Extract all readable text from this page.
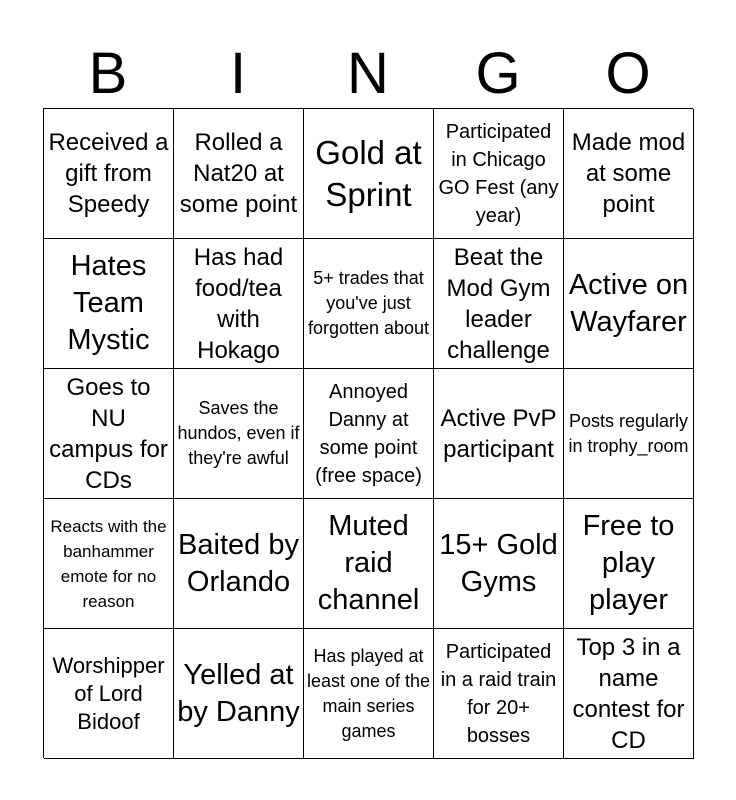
B	I	N	G	O
Received a gift from Speedy
Rolled a Nat20 at some point
Gold at Sprint
Participated in Chicago GO Fest (any year)
Made mod at some point
Hates Team Mystic
Has had food/tea with Hokago
5+ trades that you've just forgotten about
Beat the Mod Gym leader challenge
Active on Wayfarer
Goes to NU campus for CDs
Saves the hundos, even if they're awful
Annoyed Danny at some point (free space)
Active PvP participant
Posts regularly in trophy_room
Reacts with the banhammer emote for no reason
Baited by Orlando
Muted raid channel
15+ Gold Gyms
Free to play player
Worshipper of Lord Bidoof
Yelled at by Danny
Has played at least one of the main series games
Participated in a raid train for 20+ bosses
Top 3 in a name contest for CD
